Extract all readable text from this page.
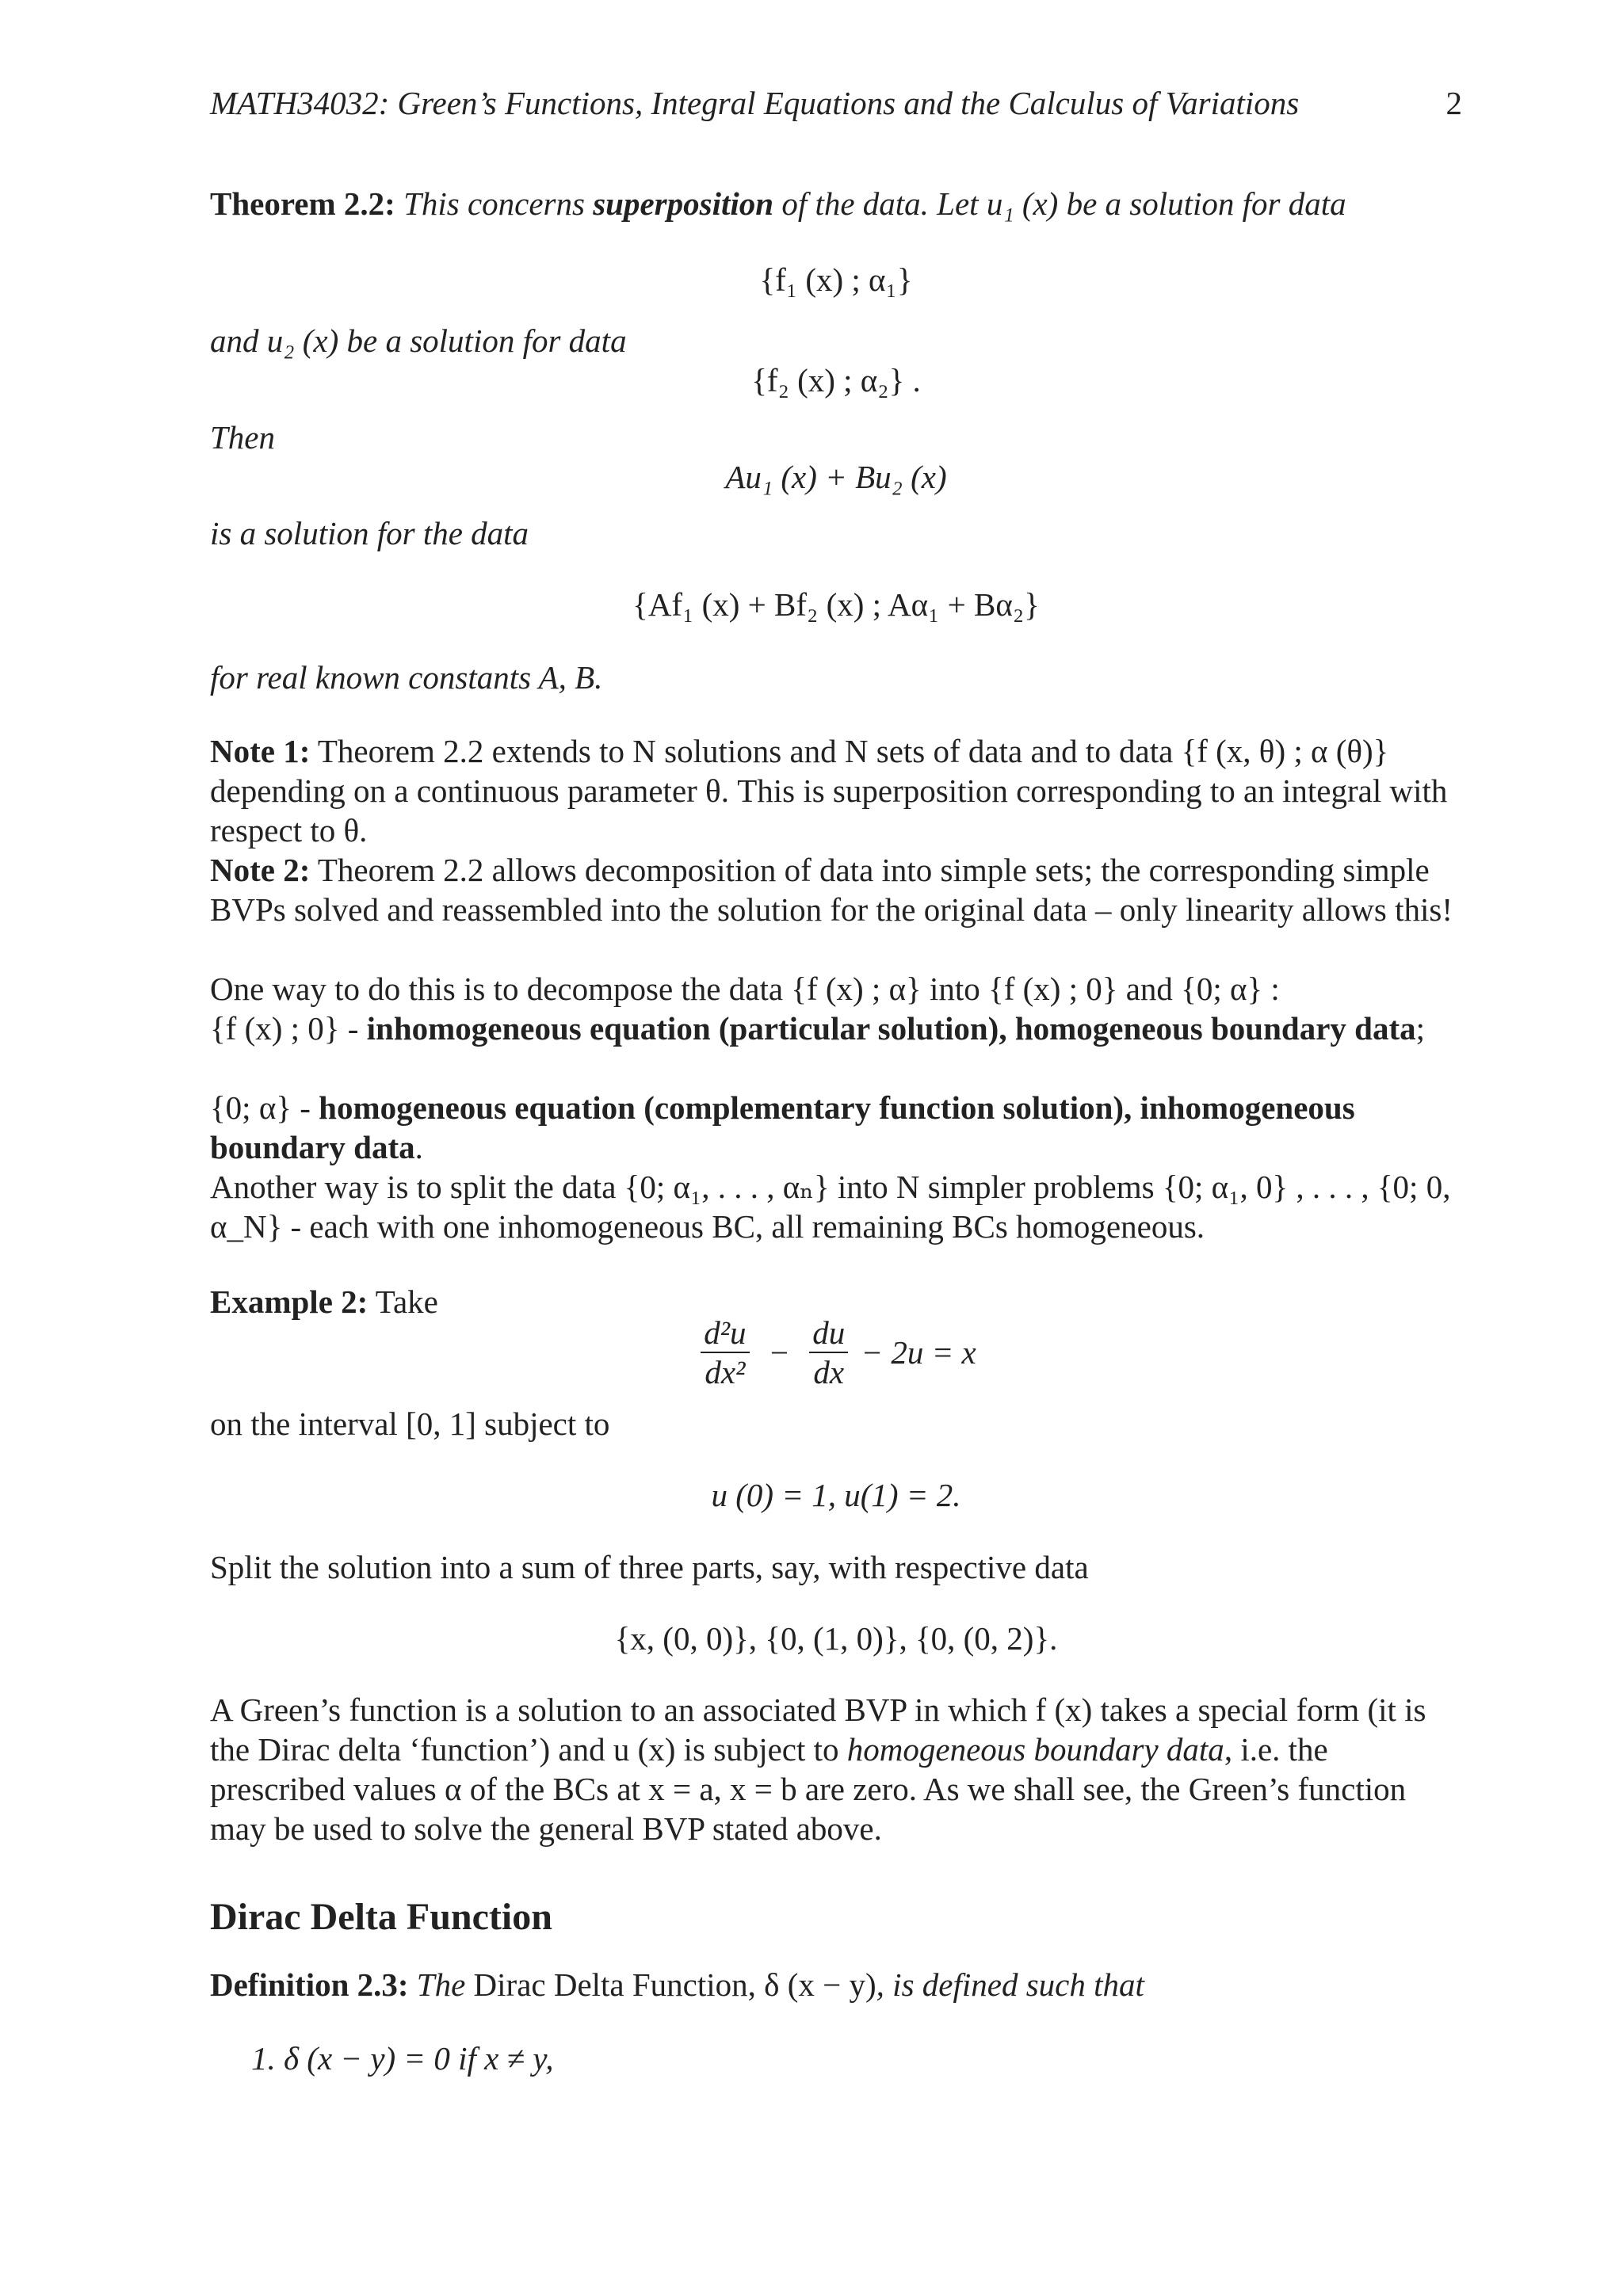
MATH34032: Green’s Functions, Integral Equations and the Calculus of Variations	2
Theorem 2.2: This concerns superposition of the data. Let u₁ (x) be a solution for data
{f₁ (x) ; α₁}
and u₂ (x) be a solution for data
{f₂ (x) ; α₂} .
Then
Au₁ (x) + Bu₂ (x)
is a solution for the data
{Af₁ (x) + Bf₂ (x) ; Aα₁ + Bα₂}
for real known constants A, B.
Note 1: Theorem 2.2 extends to N solutions and N sets of data and to data {f (x, θ) ; α (θ)} depending on a continuous parameter θ. This is superposition corresponding to an integral with respect to θ.
Note 2: Theorem 2.2 allows decomposition of data into simple sets; the corresponding simple BVPs solved and reassembled into the solution for the original data – only linearity allows this!
One way to do this is to decompose the data {f (x) ; α} into {f (x) ; 0} and {0; α} :
{f (x) ; 0} - inhomogeneous equation (particular solution), homogeneous boundary data;
{0; α} - homogeneous equation (complementary function solution), inhomogeneous boundary data.
Another way is to split the data {0; α₁, . . . , αₙ} into N simpler problems {0; α₁, 0} , . . . , {0; 0, α_N} - each with one inhomogeneous BC, all remaining BCs homogeneous.
Example 2: Take
$\frac{\text{d²u}}{\text{dx²}} - \frac{du}{dx} - 2u = x$
on the interval [0, 1] subject to
u (0) = 1, u(1) = 2.
Split the solution into a sum of three parts, say, with respective data
{x, (0, 0)}, {0, (1, 0)}, {0, (0, 2)}.
A Green’s function is a solution to an associated BVP in which f (x) takes a special form (it is the Dirac delta ‘function’) and u (x) is subject to homogeneous boundary data, i.e. the prescribed values α of the BCs at x = a, x = b are zero. As we shall see, the Green’s function may be used to solve the general BVP stated above.
Dirac Delta Function
Definition 2.3: The Dirac Delta Function, δ (x − y), is defined such that
1. δ (x − y) = 0 if x ≠ y,
